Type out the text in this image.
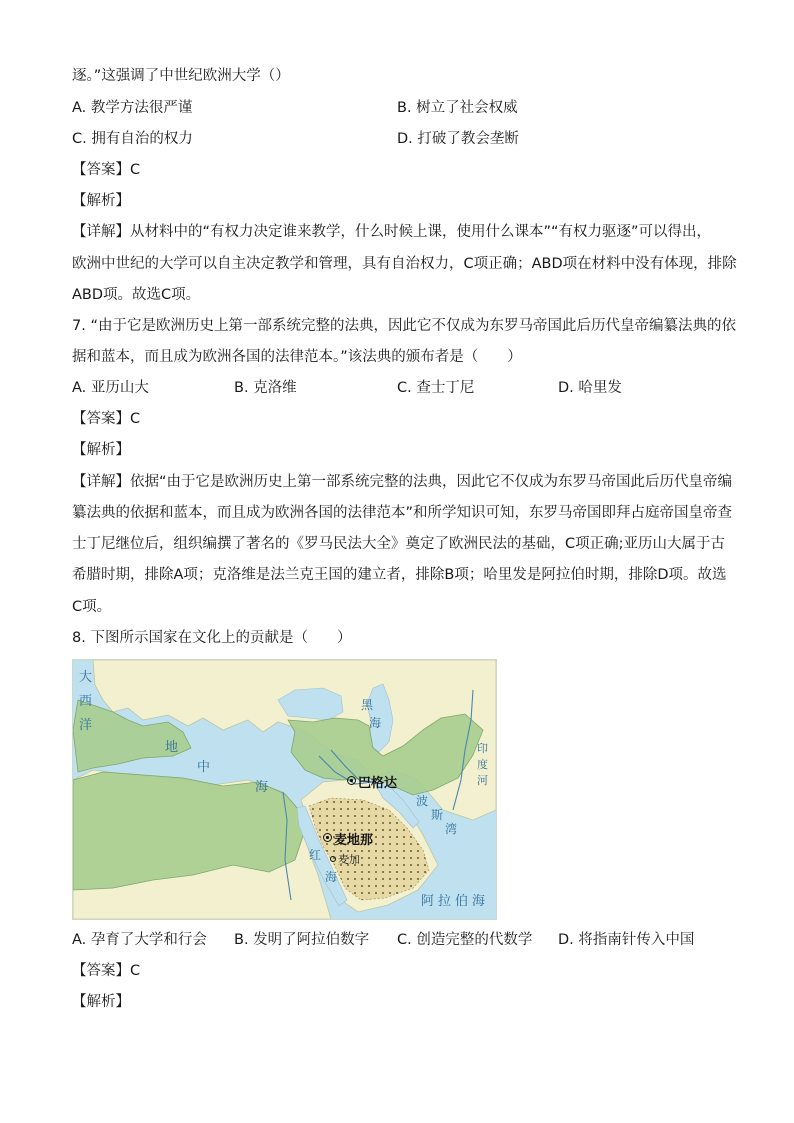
逐。”这强调了中世纪欧洲大学（）
A. 教学方法很严谨	B. 树立了社会权威
C. 拥有自治的权力	D. 打破了教会垄断
【答案】C
【解析】
【详解】从材料中的“有权力决定谁来教学，什么时候上课，使用什么课本”“有权力驱逐”可以得出，
欧洲中世纪的大学可以自主决定教学和管理，具有自治权力，C项正确；ABD项在材料中没有体现，排除
ABD项。故选C项。
7. “由于它是欧洲历史上第一部系统完整的法典，因此它不仅成为东罗马帝国此后历代皇帝编纂法典的依
据和蓝本，而且成为欧洲各国的法律范本。”该法典的颁布者是（　　）
A. 亚历山大	B. 克洛维	C. 查士丁尼	D. 哈里发
【答案】C
【解析】
【详解】依据“由于它是欧洲历史上第一部系统完整的法典，因此它不仅成为东罗马帝国此后历代皇帝编
纂法典的依据和蓝本，而且成为欧洲各国的法律范本”和所学知识可知，东罗马帝国即拜占庭帝国皇帝查
士丁尼继位后，组织编撰了著名的《罗马民法大全》奠定了欧洲民法的基础，C项正确;亚历山大属于古
希腊时期，排除A项；克洛维是法兰克王国的建立者，排除B项；哈里发是阿拉伯时期，排除D项。故选
C项。
8. 下图所示国家在文化上的贡献是（　　）
大
西
洋
地
中
海
黑
海
波
斯
湾
红
海
阿拉伯海
印
度
河
巴格达
麦地那
麦加
A. 孕育了大学和行会 B. 发明了阿拉伯数字 C. 创造完整的代数学 D. 将指南针传入中国
【答案】C
【解析】
